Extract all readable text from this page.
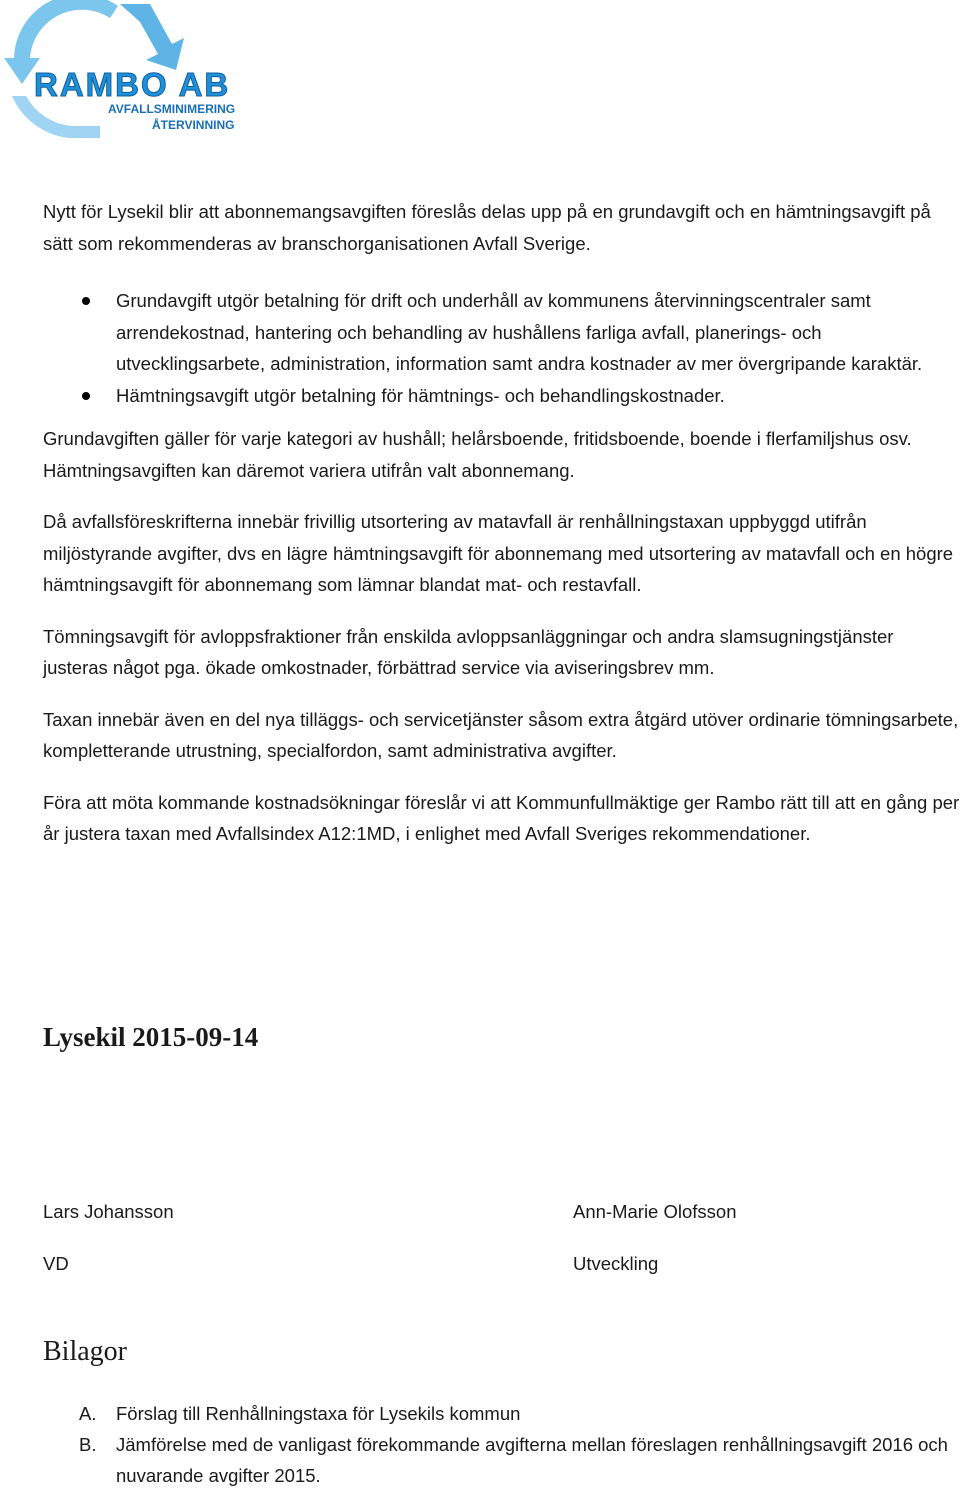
RAMBO AB
AVFALLSMINIMERING
ÅTERVINNING

Nytt för Lysekil blir att abonnemangsavgiften föreslås delas upp på en grundavgift och en hämtningsavgift på sätt som rekommenderas av branschorganisationen Avfall Sverige.

Grundavgift utgör betalning för drift och underhåll av kommunens återvinningscentraler samt arrendekostnad, hantering och behandling av hushållens farliga avfall, planerings- och utvecklingsarbete, administration, information samt andra kostnader av mer övergripande karaktär.
Hämtningsavgift utgör betalning för hämtnings- och behandlingskostnader.

Grundavgiften gäller för varje kategori av hushåll; helårsboende, fritidsboende, boende i flerfamiljshus osv. Hämtningsavgiften kan däremot variera utifrån valt abonnemang.

Då avfallsföreskrifterna innebär frivillig utsortering av matavfall är renhållningstaxan uppbyggd utifrån miljöstyrande avgifter, dvs en lägre hämtningsavgift för abonnemang med utsortering av matavfall och en högre hämtningsavgift för abonnemang som lämnar blandat mat- och restavfall.

Tömningsavgift för avloppsfraktioner från enskilda avloppsanläggningar och andra slamsugningstjänster justeras något pga. ökade omkostnader, förbättrad service via aviseringsbrev mm.

Taxan innebär även en del nya tilläggs- och servicetjänster såsom extra åtgärd utöver ordinarie tömningsarbete, kompletterande utrustning, specialfordon, samt administrativa avgifter.

Föra att möta kommande kostnadsökningar föreslår vi att Kommunfullmäktige ger Rambo rätt till att en gång per år justera taxan med Avfallsindex A12:1MD, i enlighet med Avfall Sveriges rekommendationer.

Lysekil 2015-09-14
Lars Johansson
VD
Ann-Marie Olofsson
Utveckling
Bilagor
A. Förslag till Renhållningstaxa för Lysekils kommun
B. Jämförelse med de vanligast förekommande avgifterna mellan föreslagen renhållningsavgift 2016 och nuvarande avgifter 2015.
